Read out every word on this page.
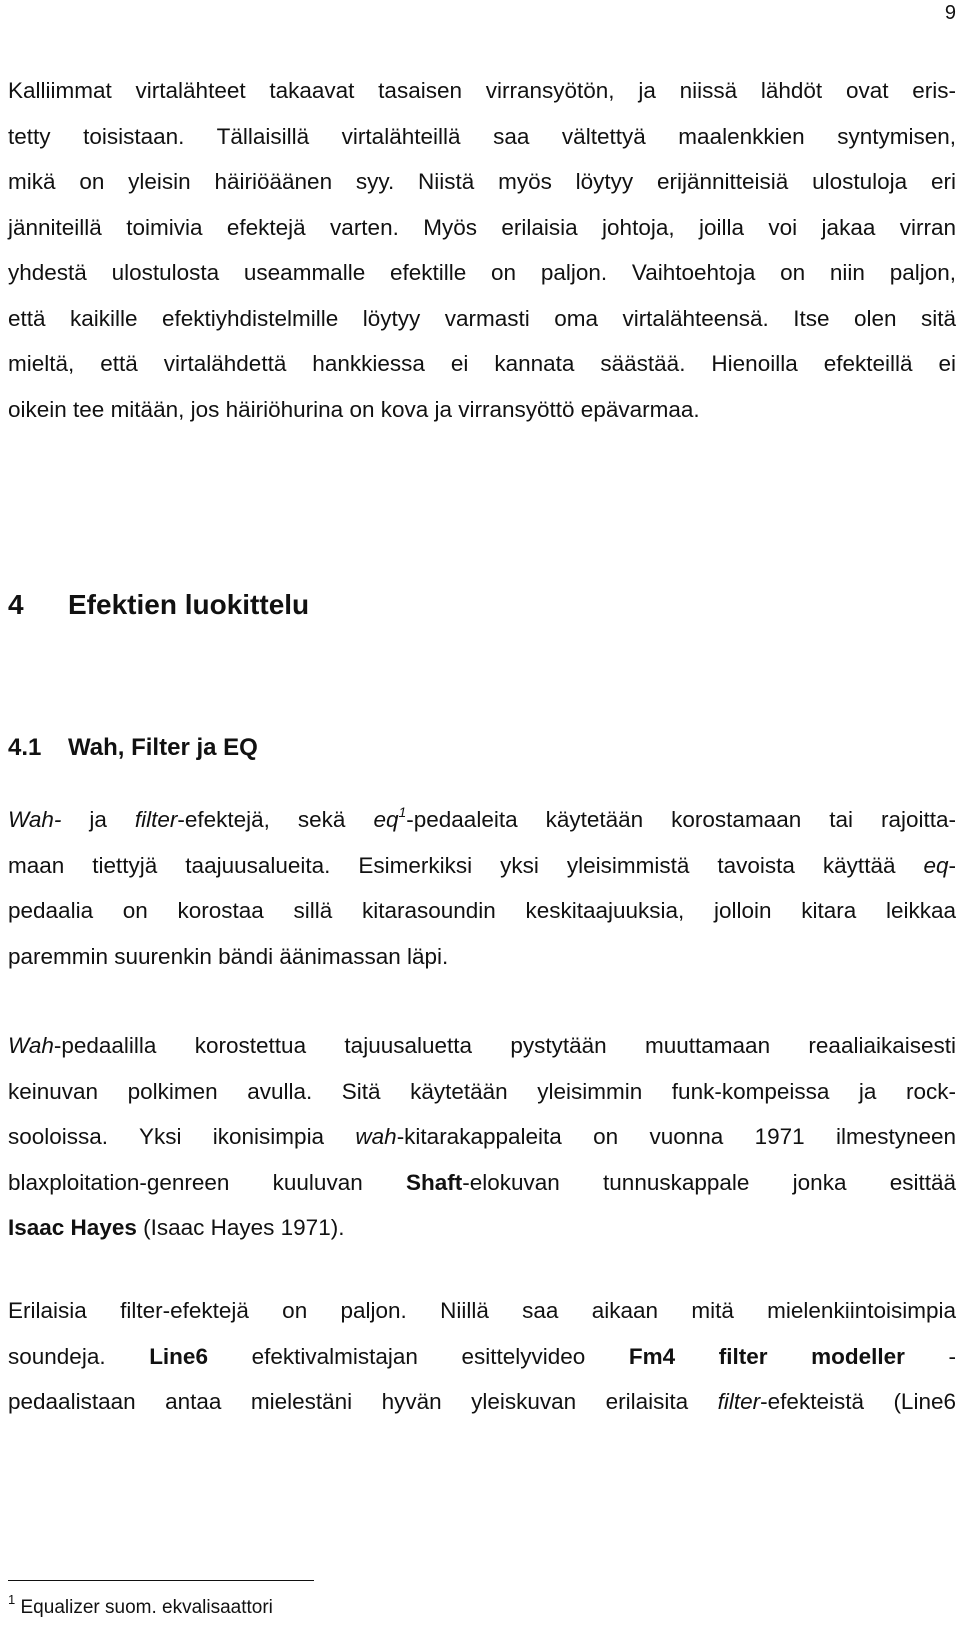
9

Kalliimmat virtalähteet takaavat tasaisen virransyötön, ja niissä lähdöt ovat eris-
tetty toisistaan. Tällaisillä virtalähteillä saa vältettyä maalenkkien syntymisen,
mikä on yleisin häiriöäänen syy. Niistä myös löytyy erijännitteisiä ulostuloja eri
jänniteillä toimivia efektejä varten. Myös erilaisia johtoja, joilla voi jakaa virran
yhdestä ulostulosta useammalle efektille on paljon. Vaihtoehtoja on niin paljon,
että kaikille efektiyhdistelmille löytyy varmasti oma virtalähteensä. Itse olen sitä
mieltä, että virtalähdettä hankkiessa ei kannata säästää. Hienoilla efekteillä ei
oikein tee mitään, jos häiriöhurina on kova ja virransyöttö epävarmaa.

4 Efektien luokittelu
4.1 Wah, Filter ja EQ

Wah- ja filter-efektejä, sekä $eq^1$-pedaaleita käytetään korostamaan tai rajoitta-
maan tiettyjä taajuusalueita. Esimerkiksi yksi yleisimmistä tavoista käyttää eq-
pedaalia on korostaa sillä kitarasoundin keskitaajuuksia, jolloin kitara leikkaa
paremmin suurenkin bändi äänimassan läpi.

Wah-pedaalilla korostettua tajuusaluetta pystytään muuttamaan reaaliaikaisesti
keinuvan polkimen avulla. Sitä käytetään yleisimmin funk-kompeissa ja rock-
sooloissa. Yksi ikonisimpia wah-kitarakappaleita on vuonna 1971 ilmestyneen
blaxploitation-genreen kuuluvan Shaft-elokuvan tunnuskappale jonka esittää
Isaac Hayes (Isaac Hayes 1971).

Erilaisia filter-efektejä on paljon. Niillä saa aikaan mitä mielenkiintoisimpia
soundeja. Line6 efektivalmistajan esittelyvideo Fm4 filter modeller -
pedaalistaan antaa mielestäni hyvän yleiskuvan erilaisita filter-efekteistä (Line6

$^1$ Equalizer suom. ekvalisaattori
